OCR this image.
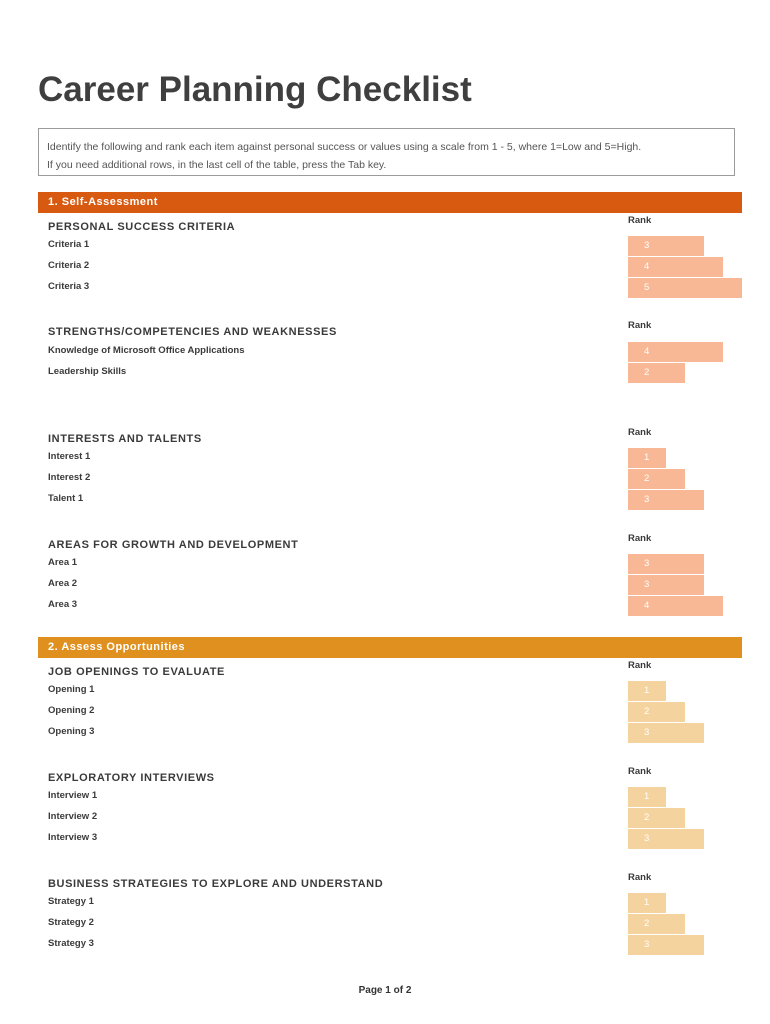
Career Planning Checklist
Identify the following and rank each item against personal success or values using a scale from 1 - 5, where 1=Low and 5=High.
If you need additional rows, in the last cell of the table, press the Tab key.
1. Self-Assessment
PERSONAL SUCCESS CRITERIA
Rank
Criteria 1	3
Criteria 2	4
Criteria 3	5
STRENGTHS/COMPETENCIES AND WEAKNESSES
Rank
Knowledge of Microsoft Office Applications	4
Leadership Skills	2
INTERESTS AND TALENTS
Rank
Interest 1	1
Interest 2	2
Talent 1	3
AREAS FOR GROWTH AND DEVELOPMENT
Rank
Area 1	3
Area 2	3
Area 3	4
2. Assess Opportunities
JOB OPENINGS TO EVALUATE
Rank
Opening 1	1
Opening 2	2
Opening 3	3
EXPLORATORY INTERVIEWS
Rank
Interview 1	1
Interview 2	2
Interview 3	3
BUSINESS STRATEGIES TO EXPLORE AND UNDERSTAND
Rank
Strategy 1	1
Strategy 2	2
Strategy 3	3
Page 1 of 2
